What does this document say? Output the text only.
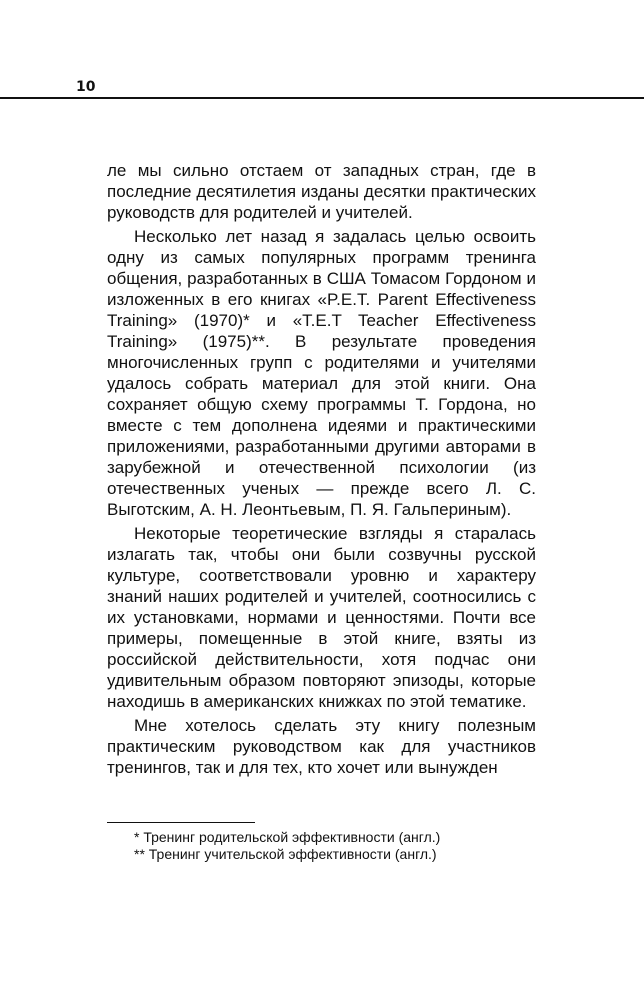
10

ле мы сильно отстаем от западных стран, где в последние десятилетия изданы десятки практических руководств для родителей и учителей.

Несколько лет назад я задалась целью освоить одну из самых популярных программ тренинга общения, разработанных в США Томасом Гордоном и изложенных в его книгах «P.E.T. Parent Effectiveness Training» (1970)* и «T.E.T Teacher Effectiveness Training» (1975)**. В результате проведения многочисленных групп с родителями и учителями удалось собрать материал для этой книги. Она сохраняет общую схему программы Т. Гордона, но вместе с тем дополнена идеями и практическими приложениями, разработанными другими авторами в зарубежной и отечественной психологии (из отечественных ученых — прежде всего Л. С. Выготским, А. Н. Леонтьевым, П. Я. Гальпериным).

Некоторые теоретические взгляды я старалась излагать так, чтобы они были созвучны русской культуре, соответствовали уровню и характеру знаний наших родителей и учителей, соотносились с их установками, нормами и ценностями. Почти все примеры, помещенные в этой книге, взяты из российской действительности, хотя подчас они удивительным образом повторяют эпизоды, которые находишь в американских книжках по этой тематике.

Мне хотелось сделать эту книгу полезным практическим руководством как для участников тренингов, так и для тех, кто хочет или вынужден

* Тренинг родительской эффективности (англ.)
** Тренинг учительской эффективности (англ.)
